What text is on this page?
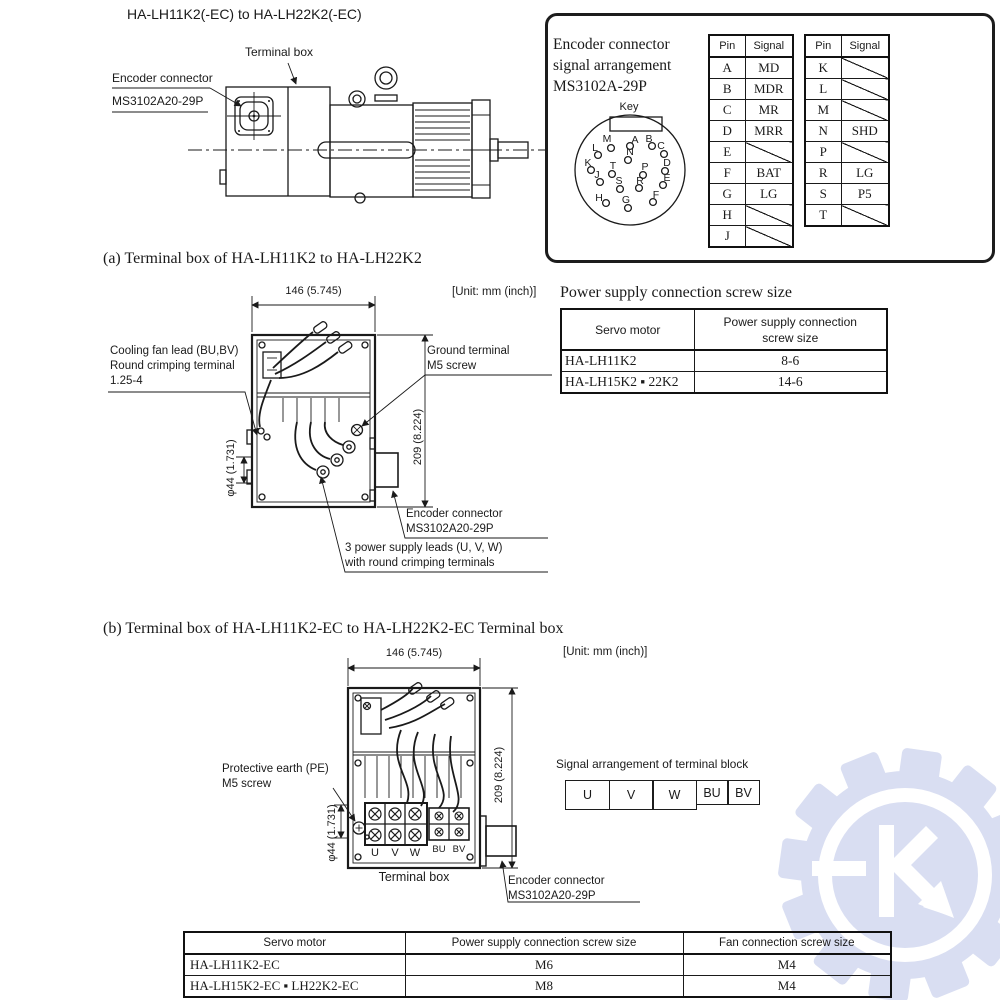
HA-LH11K2(-EC) to HA-LH22K2(-EC)
Terminal box
Encoder connector
MS3102A20-29P
Encoder connector
signal arrangement
MS3102A-29P
Key
A B
C
D
E
F
G
H
J
K
L
M
N
P
R
S
T
Pin	Signal
A	MD
B	MDR
C	MR
D	MRR
E	
F	BAT
G	LG
H	
J	
Pin	Signal
K	
L	
M	
N	SHD
P	
R	LG
S	P5
T	
(a) Terminal box of HA-LH11K2 to HA-LH22K2
146 (5.745)	[Unit: mm (inch)]
209 (8.224)
φ44 (1.731)
Cooling fan lead (BU,BV)
Round crimping terminal
1.25-4
Ground terminal
M5 screw
Encoder connector
MS3102A20-29P
3 power supply leads (U, V, W)
with round crimping terminals
Power supply connection screw size
Servo motor	Power supply connection
screw size
HA-LH11K2	8-6
HA-LH15K2 ▪ 22K2	14-6
(b) Terminal box of HA-LH11K2-EC to HA-LH22K2-EC Terminal box
U V W BU BV
146 (5.745)	[Unit: mm (inch)]
209 (8.224)
φ44 (1.731)
Protective earth (PE)
M5 screw
Terminal box	Encoder connector
MS3102A20-29P
Signal arrangement of terminal block
U	V	W	BU	BV
Servo motor	Power supply connection screw size	Fan connection screw size
HA-LH11K2-EC	M6	M4
HA-LH15K2-EC ▪ LH22K2-EC	M8	M4
